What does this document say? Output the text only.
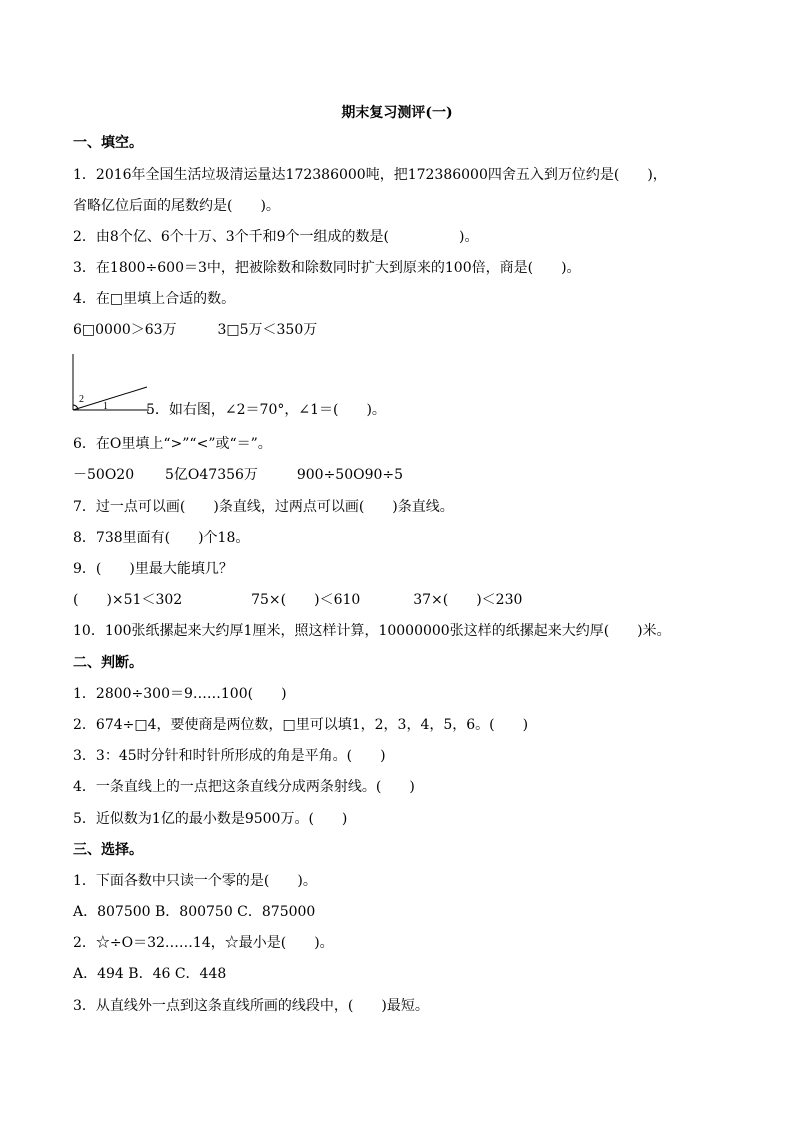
期末复习测评(一)
一、填空。
1．2016年全国生活垃圾清运量达172386000吨，把172386000四舍五入到万位约是(　　)，
省略亿位后面的尾数约是(　　)。
2．由8个亿、6个十万、3个千和9个一组成的数是(　　　　　)。
3．在1800÷600＝3中，把被除数和除数同时扩大到原来的100倍，商是(　　)。
4．在□里填上合适的数。
6□0000＞63万	3□5万＜350万
2
1	5．如右图，∠2＝70°，∠1＝(　　)。
6．在O里填上“>”“<”或“＝”。
－50O20 5亿O47356万	900÷50O90÷5
7．过一点可以画(　　)条直线，过两点可以画(　　)条直线。
8．738里面有(　　)个18。
9．(　　)里最大能填几？
(　　)×51＜302	75×(　　)＜610	37×(　　)＜230
10．100张纸摞起来大约厚1厘米，照这样计算，10000000张这样的纸摞起来大约厚(　　)米。
二、判断。
1．2800÷300＝9……100(　　)
2．674÷□4，要使商是两位数，□里可以填1，2，3，4，5，6。(　　)
3．3：45时分针和时针所形成的角是平角。(　　)
4．一条直线上的一点把这条直线分成两条射线。(　　)
5．近似数为1亿的最小数是9500万。(　　)
三、选择。
1．下面各数中只读一个零的是(　　)。
A．807500 B．800750 C．875000
2．☆÷O＝32……14，☆最小是(　　)。
A．494 B．46 C．448
3．从直线外一点到这条直线所画的线段中，(　　)最短。
